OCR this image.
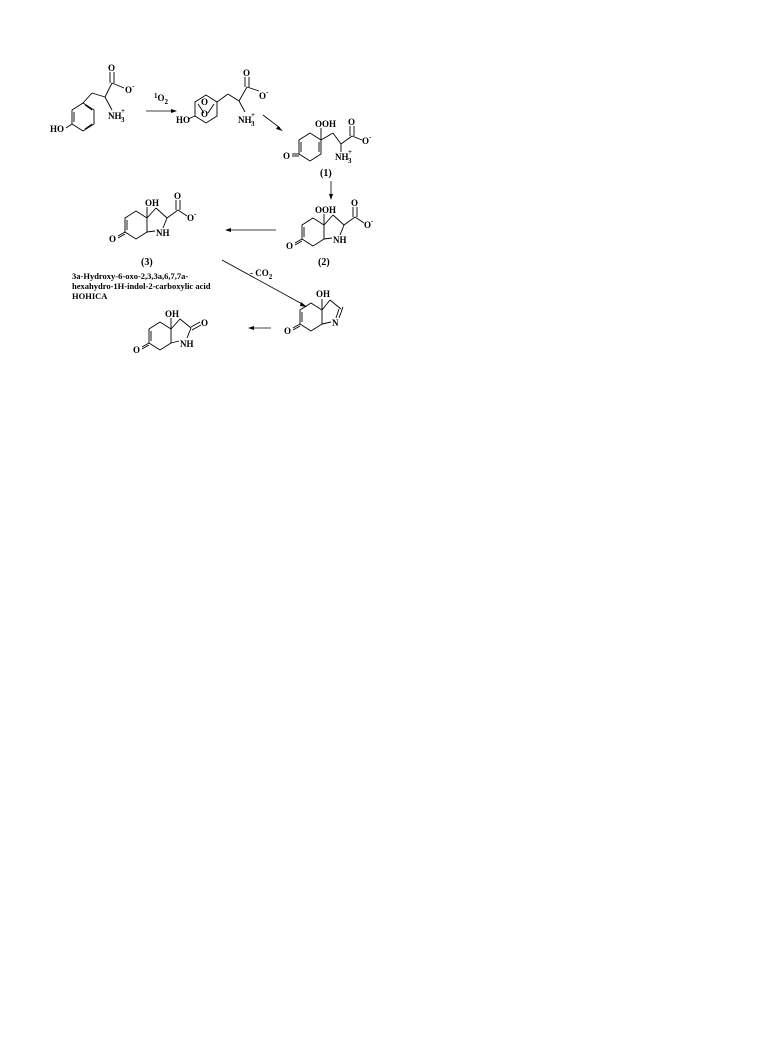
HO
O
O -
NH 3
+
$^1O_2$	O
O
HO
O
O -
NH 3
+
O
OOH O
O -
NH 3
+
(1)
O
OOH
O
O -
NH
(2)
O
OH
O
O -
NH
(3)
3a-Hydroxy-6-oxo-2,3,3a,6,7,7a-
hexahydro-1H-indol-2-carboxylic acid
HOHICA
- $CO_2$
O
OH
N
O
OH
O
NH
